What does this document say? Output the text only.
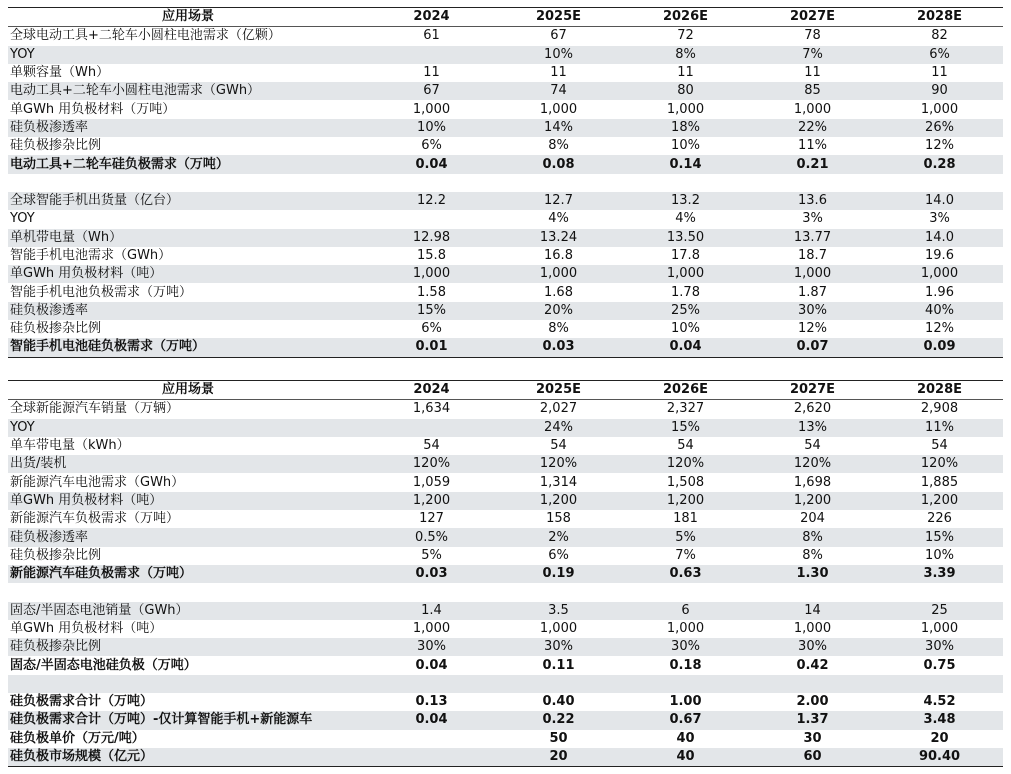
应用场景	2024	2025E	2026E	2027E	2028E
全球电动工具+二轮车小圆柱电池需求（亿颗）	61	67	72	78	82
YOY		10%	8%	7%	6%
单颗容量（Wh）	11	11	11	11	11
电动工具+二轮车小圆柱电池需求（GWh）	67	74	80	85	90
单GWh 用负极材料（万吨）	1,000	1,000	1,000	1,000	1,000
硅负极渗透率	10%	14%	18%	22%	26%
硅负极掺杂比例	6%	8%	10%	11%	12%
电动工具+二轮车硅负极需求（万吨）	0.04	0.08	0.14	0.21	0.28

全球智能手机出货量（亿台）	12.2	12.7	13.2	13.6	14.0
YOY		4%	4%	3%	3%
单机带电量（Wh）	12.98	13.24	13.50	13.77	14.0
智能手机电池需求（GWh）	15.8	16.8	17.8	18.7	19.6
单GWh 用负极材料（吨）	1,000	1,000	1,000	1,000	1,000
智能手机电池负极需求（万吨）	1.58	1.68	1.78	1.87	1.96
硅负极渗透率	15%	20%	25%	30%	40%
硅负极掺杂比例	6%	8%	10%	12%	12%
智能手机电池硅负极需求（万吨）	0.01	0.03	0.04	0.07	0.09
应用场景	2024	2025E	2026E	2027E	2028E
全球新能源汽车销量（万辆）	1,634	2,027	2,327	2,620	2,908
YOY		24%	15%	13%	11%
单车带电量（kWh）	54	54	54	54	54
出货/装机	120%	120%	120%	120%	120%
新能源汽车电池需求（GWh）	1,059	1,314	1,508	1,698	1,885
单GWh 用负极材料（吨）	1,200	1,200	1,200	1,200	1,200
新能源汽车负极需求（万吨）	127	158	181	204	226
硅负极渗透率	0.5%	2%	5%	8%	15%
硅负极掺杂比例	5%	6%	7%	8%	10%
新能源汽车硅负极需求（万吨）	0.03	0.19	0.63	1.30	3.39

固态/半固态电池销量（GWh）	1.4	3.5	6	14	25
单GWh 用负极材料（吨）	1,000	1,000	1,000	1,000	1,000
硅负极掺杂比例	30%	30%	30%	30%	30%
固态/半固态电池硅负极（万吨）	0.04	0.11	0.18	0.42	0.75

硅负极需求合计（万吨）	0.13	0.40	1.00	2.00	4.52
硅负极需求合计（万吨）-仅计算智能手机+新能源车	0.04	0.22	0.67	1.37	3.48
硅负极单价（万元/吨）		50	40	30	20
硅负极市场规模（亿元）		20	40	60	90.40
